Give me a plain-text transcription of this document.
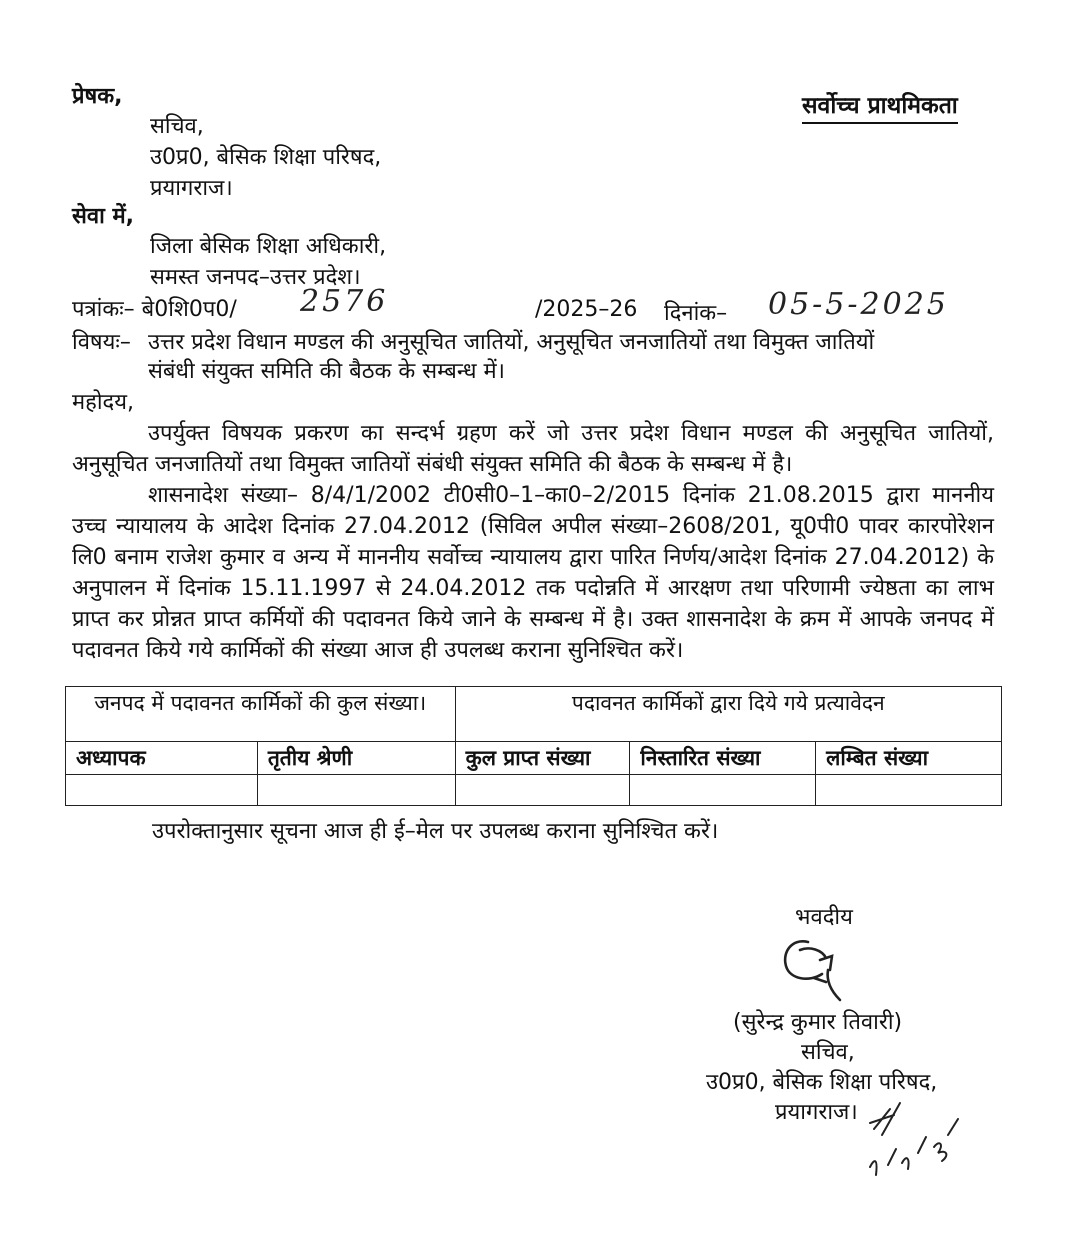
सर्वोच्च प्राथमिकता
प्रेषक,
सचिव,
उ0प्र0, बेसिक शिक्षा परिषद,
प्रयागराज।
सेवा में,
जिला बेसिक शिक्षा अधिकारी,
समस्त जनपद–उत्तर प्रदेश।
पत्रांकः– बे0शि0प0/ 2576	/2025–26 दिनांक– 05-5-2025
विषयः– उत्तर प्रदेश विधान मण्डल की अनुसूचित जातियों, अनुसूचित जनजातियों तथा विमुक्त जातियों
संबंधी संयुक्त समिति की बैठक के सम्बन्ध में।
महोदय,
उपर्युक्त विषयक प्रकरण का सन्दर्भ ग्रहण करें जो उत्तर प्रदेश विधान मण्डल की अनुसूचित जातियों, अनुसूचित जनजातियों तथा विमुक्त जातियों संबंधी संयुक्त समिति की बैठक के सम्बन्ध में है।
शासनादेश संख्या– 8/4/1/2002 टी0सी0–1–का0–2/2015 दिनांक 21.08.2015 द्वारा माननीय उच्च न्यायालय के आदेश दिनांक 27.04.2012 (सिविल अपील संख्या–2608/201, यू0पी0 पावर कारपोरेशन लि0 बनाम राजेश कुमार व अन्य में माननीय सर्वोच्च न्यायालय द्वारा पारित निर्णय/आदेश दिनांक 27.04.2012) के अनुपालन में दिनांक 15.11.1997 से 24.04.2012 तक पदोन्नति में आरक्षण तथा परिणामी ज्येष्ठता का लाभ प्राप्त कर प्रोन्नत प्राप्त कर्मियों की पदावनत किये जाने के सम्बन्ध में है। उक्त शासनादेश के क्रम में आपके जनपद में पदावनत किये गये कार्मिकों की संख्या आज ही उपलब्ध कराना सुनिश्चित करें।
जनपद में पदावनत कार्मिकों की कुल संख्या।		पदावनत कार्मिकों द्वारा दिये गये प्रत्यावेदन		
अध्यापक	तृतीय श्रेणी	कुल प्राप्त संख्या	निस्तारित संख्या	लम्बित संख्या

उपरोक्तानुसार सूचना आज ही ई–मेल पर उपलब्ध कराना सुनिश्चित करें।
भवदीय
(सुरेन्द्र कुमार तिवारी)
सचिव,
उ0प्र0, बेसिक शिक्षा परिषद,
प्रयागराज।
